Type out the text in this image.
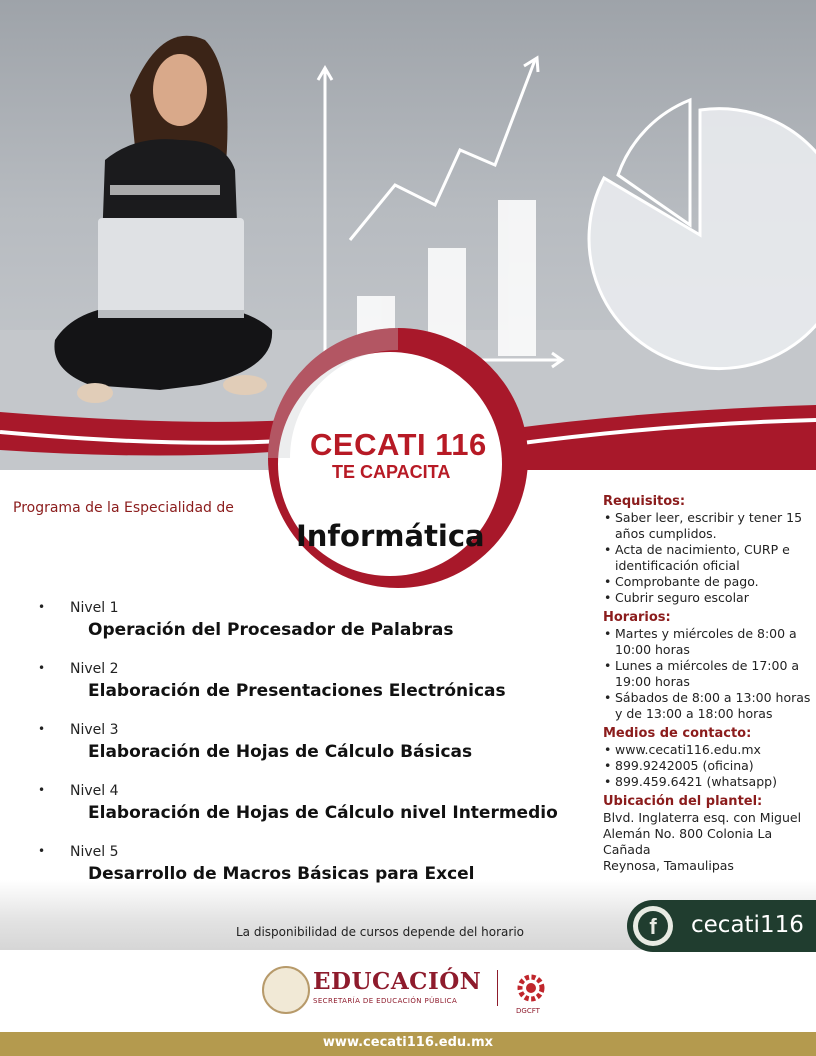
CECATI 116
TE CAPACITA
Programa de la Especialidad de
Informática
• Nivel 1
Operación del Procesador de Palabras
• Nivel 2
Elaboración de Presentaciones Electrónicas
• Nivel 3
Elaboración de Hojas de Cálculo Básicas
• Nivel 4
Elaboración de Hojas de Cálculo nivel Intermedio
• Nivel 5
Desarrollo de Macros Básicas para Excel
Requisitos:
• Saber leer, escribir y tener 15 años cumplidos.
• Acta de nacimiento, CURP e identificación oficial
• Comprobante de pago.
• Cubrir seguro escolar
Horarios:
• Martes y miércoles de 8:00 a 10:00 horas
• Lunes a miércoles de 17:00 a 19:00 horas
• Sábados de 8:00 a 13:00 horas y de 13:00 a 18:00 horas
Medios de contacto:
• www.cecati116.edu.mx
• 899.9242005 (oficina)
• 899.459.6421 (whatsapp)
Ubicación del plantel:

Blvd. Inglaterra esq. con Miguel Alemán No. 800 Colonia La Cañada

Reynosa, Tamaulipas

La disponibilidad de cursos depende del horario	f	cecati116
EDUCACIÓN
SECRETARÍA DE EDUCACIÓN PÚBLICA
DGCFT
www.cecati116.edu.mx
